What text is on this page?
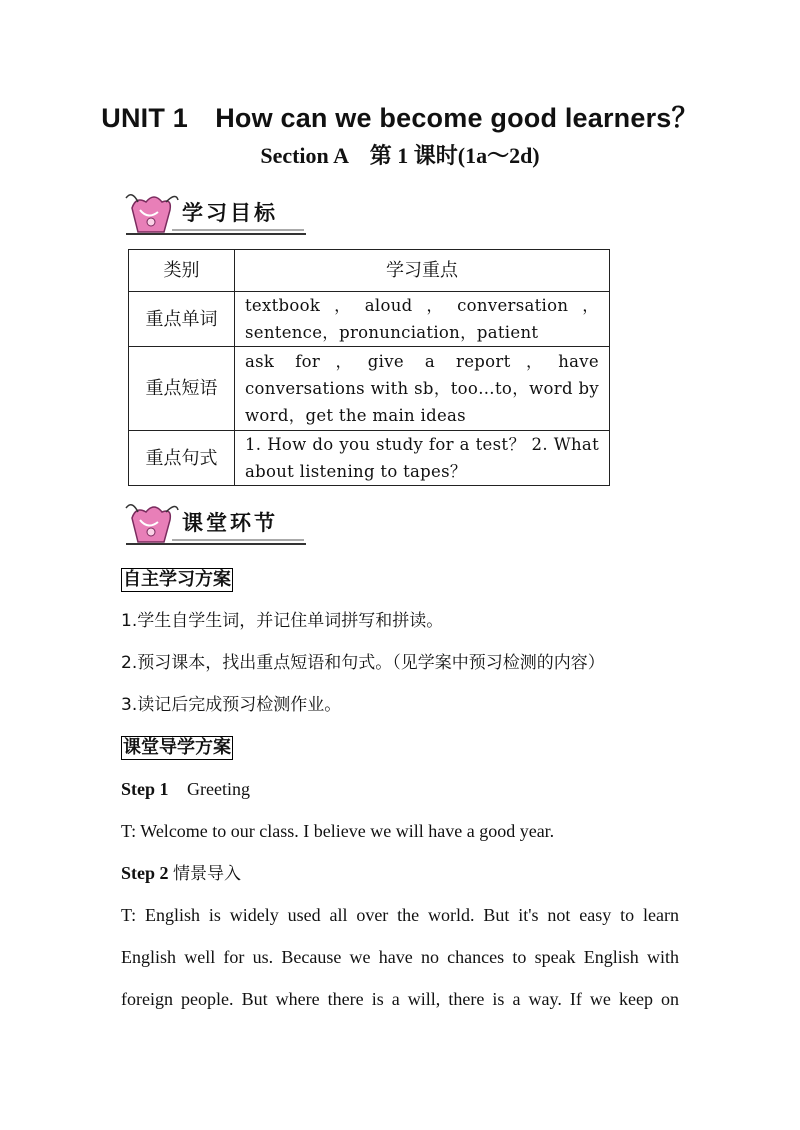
UNIT 1　How can we become good learners？
Section A　第 1 课时(1a～2d)
学习目标
类别	学习重点
重点单词	textbook，aloud，conversation，sentence，pronunciation，patient
重点短语	ask for，give a report，have conversations with sb，too…to，word by word，get the main ideas
重点句式	1. How do you study for a test？ 2. What about listening to tapes？
课堂环节
自主学习方案
1.学生自学生词，并记住单词拼写和拼读。
2.预习课本，找出重点短语和句式。（见学案中预习检测的内容）
3.读记后完成预习检测作业。
课堂导学方案
Step 1 Greeting
T: Welcome to our class. I believe we will have a good year.
Step 2 情景导入
T: English is widely used all over the world. But it's not easy to learn
English well for us. Because we have no chances to speak English with
foreign people. But where there is a will, there is a way. If we keep on
